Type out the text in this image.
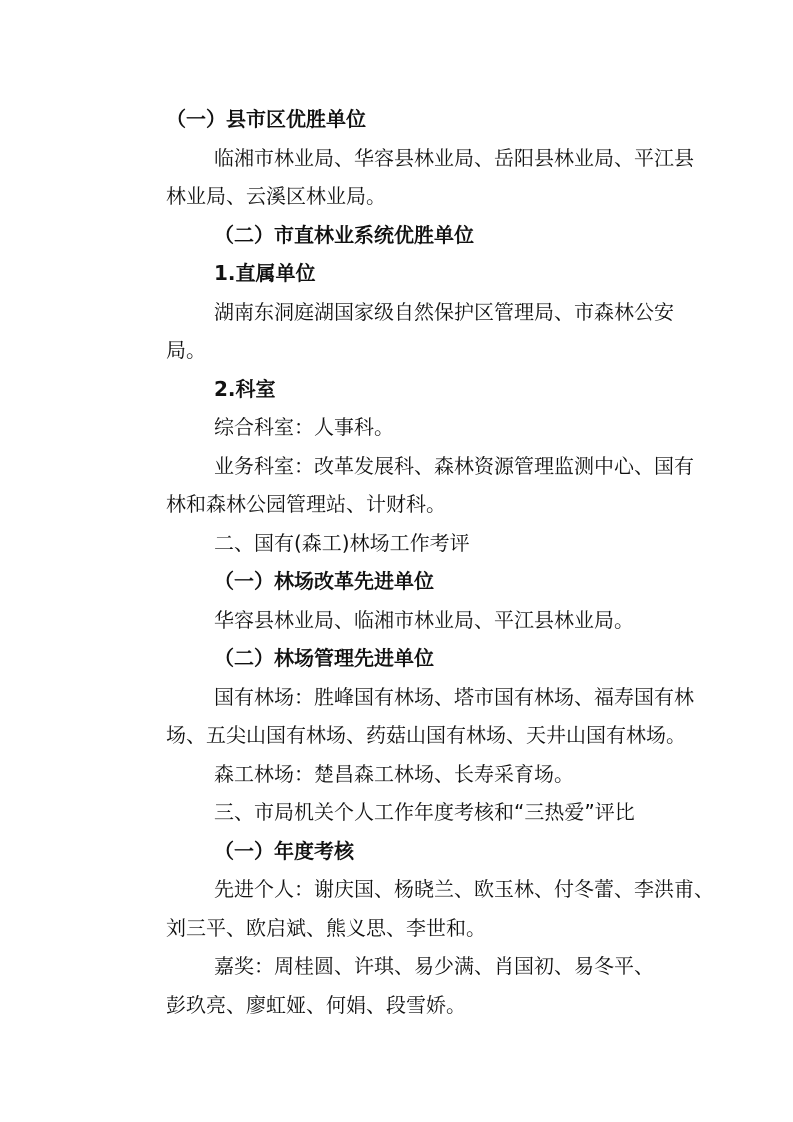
（一）县市区优胜单位
临湘市林业局、华容县林业局、岳阳县林业局、平江县
林业局、云溪区林业局。
（二）市直林业系统优胜单位
1.直属单位
湖南东洞庭湖国家级自然保护区管理局、市森林公安
局。
2.科室
综合科室：人事科。
业务科室：改革发展科、森林资源管理监测中心、国有
林和森林公园管理站、计财科。
二、国有(森工)林场工作考评
（一）林场改革先进单位
华容县林业局、临湘市林业局、平江县林业局。
（二）林场管理先进单位
国有林场：胜峰国有林场、塔市国有林场、福寿国有林
场、五尖山国有林场、药菇山国有林场、天井山国有林场。
森工林场：楚昌森工林场、长寿采育场。
三、市局机关个人工作年度考核和“三热爱”评比
（一）年度考核
先进个人：谢庆国、杨晓兰、欧玉林、付冬蕾、李洪甫、
刘三平、欧启斌、熊义思、李世和。
嘉奖：周桂圆、许琪、易少满、肖国初、易冬平、
彭玖亮、廖虹娅、何娟、段雪娇。
